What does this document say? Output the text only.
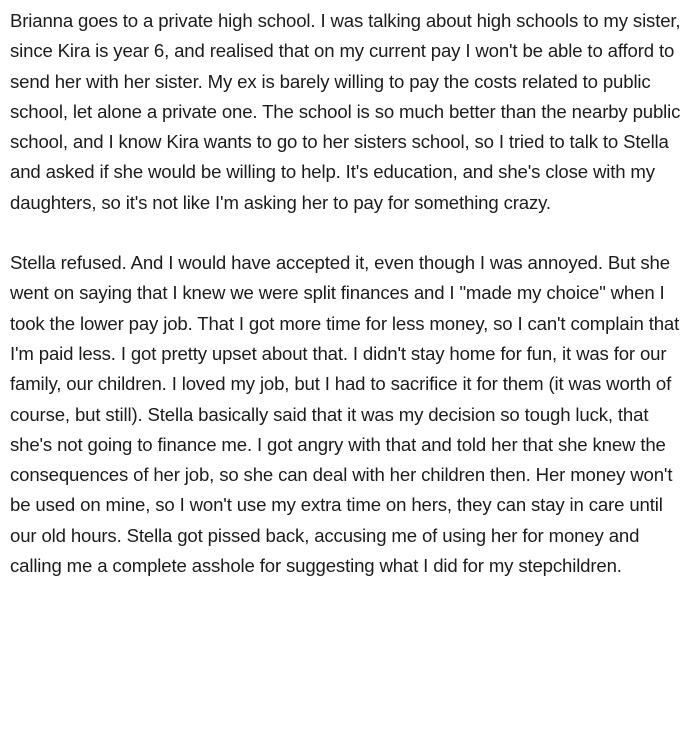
Brianna goes to a private high school. I was talking about high schools to my sister, since Kira is year 6, and realised that on my current pay I won't be able to afford to send her with her sister. My ex is barely willing to pay the costs related to public school, let alone a private one. The school is so much better than the nearby public school, and I know Kira wants to go to her sisters school, so I tried to talk to Stella and asked if she would be willing to help. It's education, and she's close with my daughters, so it's not like I'm asking her to pay for something crazy.

Stella refused. And I would have accepted it, even though I was annoyed. But she went on saying that I knew we were split finances and I "made my choice" when I took the lower pay job. That I got more time for less money, so I can't complain that I'm paid less. I got pretty upset about that. I didn't stay home for fun, it was for our family, our children. I loved my job, but I had to sacrifice it for them (it was worth of course, but still). Stella basically said that it was my decision so tough luck, that she's not going to finance me. I got angry with that and told her that she knew the consequences of her job, so she can deal with her children then. Her money won't be used on mine, so I won't use my extra time on hers, they can stay in care until our old hours. Stella got pissed back, accusing me of using her for money and calling me a complete asshole for suggesting what I did for my stepchildren.
